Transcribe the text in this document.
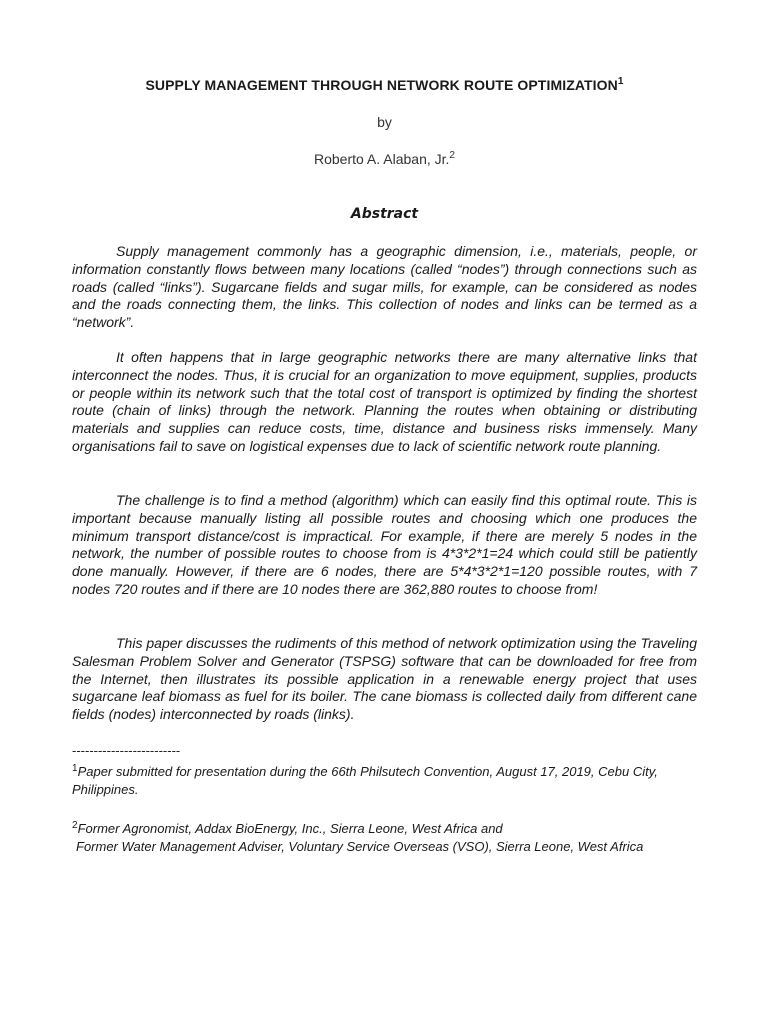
SUPPLY MANAGEMENT THROUGH NETWORK ROUTE OPTIMIZATION$^1$
by
Roberto A. Alaban, Jr.$^2$
Abstract

Supply management commonly has a geographic dimension, i.e., materials, people, or information constantly flows between many locations (called “nodes”) through connections such as roads (called “links”). Sugarcane fields and sugar mills, for example, can be considered as nodes and the roads connecting them, the links. This collection of nodes and links can be termed as a “network”.

It often happens that in large geographic networks there are many alternative links that interconnect the nodes. Thus, it is crucial for an organization to move equipment, supplies, products or people within its network such that the total cost of transport is optimized by finding the shortest route (chain of links) through the network. Planning the routes when obtaining or distributing materials and supplies can reduce costs, time, distance and business risks immensely. Many organisations fail to save on logistical expenses due to lack of scientific network route planning.

The challenge is to find a method (algorithm) which can easily find this optimal route. This is important because manually listing all possible routes and choosing which one produces the minimum transport distance/cost is impractical. For example, if there are merely 5 nodes in the network, the number of possible routes to choose from is 4*3*2*1=24 which could still be patiently done manually. However, if there are 6 nodes, there are 5*4*3*2*1=120 possible routes, with 7 nodes 720 routes and if there are 10 nodes there are 362,880 routes to choose from!

This paper discusses the rudiments of this method of network optimization using the Traveling Salesman Problem Solver and Generator (TSPSG) software that can be downloaded for free from the Internet, then illustrates its possible application in a renewable energy project that uses sugarcane leaf biomass as fuel for its boiler. The cane biomass is collected daily from different cane fields (nodes) interconnected by roads (links).

-------------------------

$^1$Paper submitted for presentation during the 66th Philsutech Convention, August 17, 2019, Cebu City, Philippines.

$^2$Former Agronomist, Addax BioEnergy, Inc., Sierra Leone, West Africa and
Former Water Management Adviser, Voluntary Service Overseas (VSO), Sierra Leone, West Africa
